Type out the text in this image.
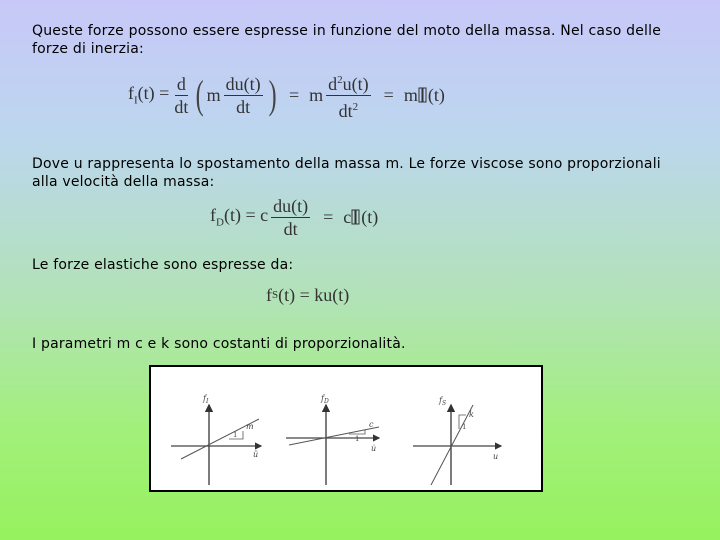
Queste forze possono essere espresse in funzione del moto della massa. Nel caso delle
forze di inerzia:
$f_I(t) = \frac{d}{dt}$ ( m $\frac{du(t)}{dt}$ ) = m $\frac{d^2u(t)}{dt^2} = m$ (t)
Dove u rappresenta lo spostamento della massa m. Le forze viscose sono proporzionali
alla velocità della massa:
$f_D(t) = c \frac{du(t)}{dt} = c$ (t)
Le forze elastiche sono espresse da:
f S (t) = ku(t)
I parametri m c e k sono costanti di proporzionalità.
$f_I$
ü
m
1
$f_D$
u̇
c
1
$f_S$
u
k
1
